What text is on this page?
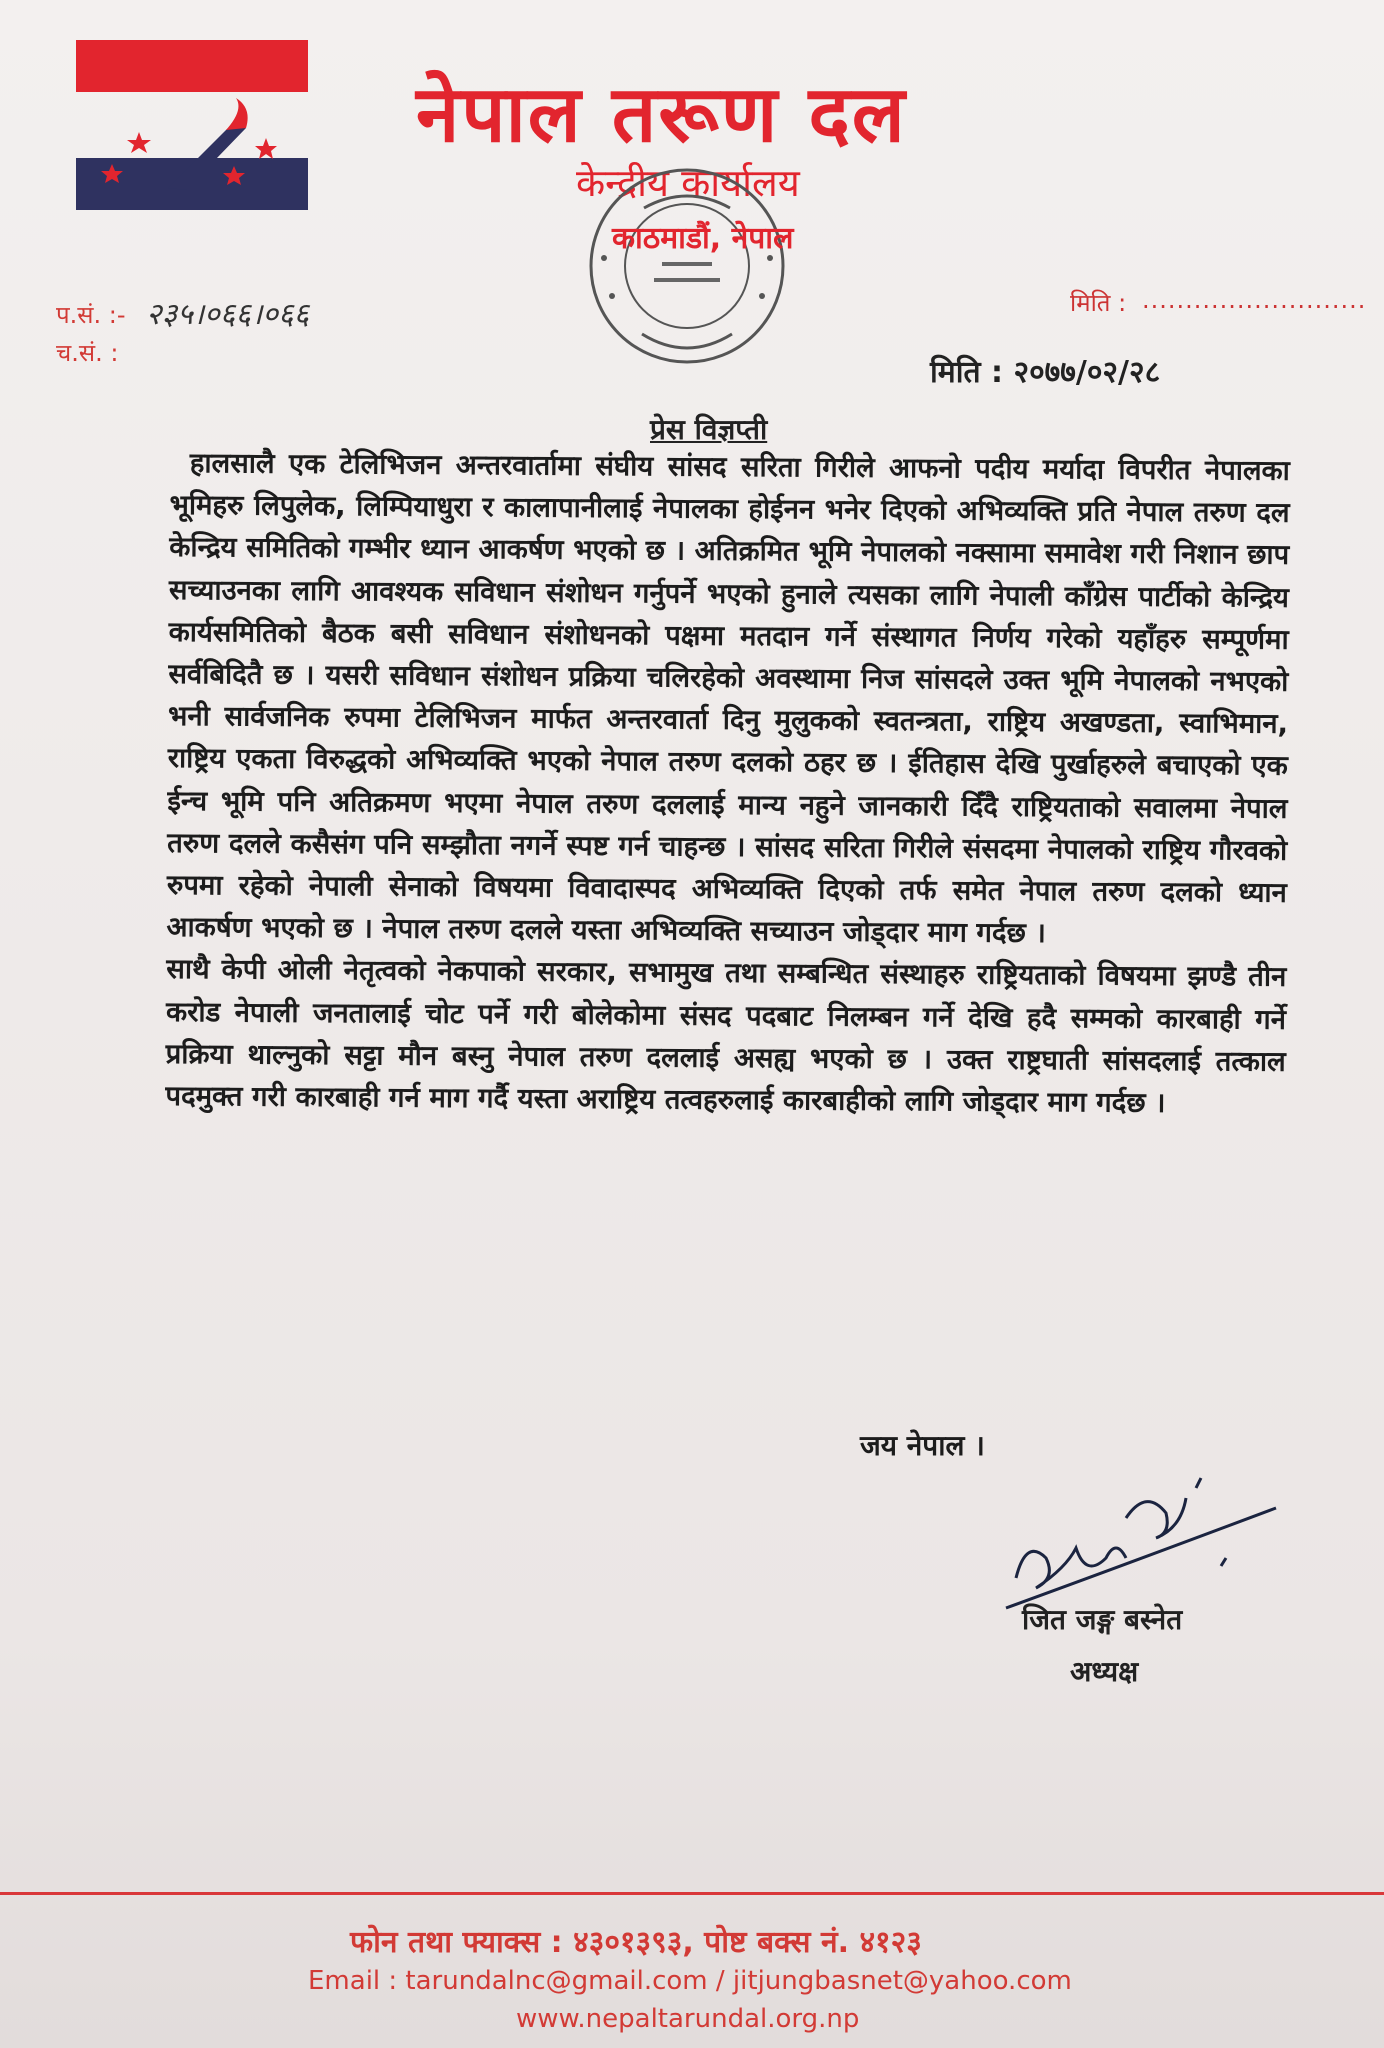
नेपाल तरूण दल
केन्द्रीय कार्यालय
काठमाडौं, नेपाल
प.सं. :- २३५।०६६।०६६
च.सं. :
मिति : ..........................
मिति : २०७७/०२/२८
प्रेस विज्ञप्ती

हालसालै एक टेलिभिजन अन्तरवार्तामा संघीय सांसद सरिता गिरीले आफनो पदीय मर्यादा विपरीत नेपालका भूमिहरु लिपुलेक, लिम्पियाधुरा र कालापानीलाई नेपालका होईनन भनेर दिएको अभिव्यक्ति प्रति नेपाल तरुण दल केन्द्रिय समितिको गम्भीर ध्यान आकर्षण भएको छ । अतिक्रमित भूमि नेपालको नक्सामा समावेश गरी निशान छाप सच्याउनका लागि आवश्यक सविधान संशोधन गर्नुपर्ने भएको हुनाले त्यसका लागि नेपाली काँग्रेस पार्टीको केन्द्रिय कार्यसमितिको बैठक बसी सविधान संशोधनको पक्षमा मतदान गर्ने संस्थागत निर्णय गरेको यहाँहरु सम्पूर्णमा सर्वबिदितै छ । यसरी सविधान संशोधन प्रक्रिया चलिरहेको अवस्थामा निज सांसदले उक्त भूमि नेपालको नभएको भनी सार्वजनिक रुपमा टेलिभिजन मार्फत अन्तरवार्ता दिनु मुलुकको स्वतन्त्रता, राष्ट्रिय अखण्डता, स्वाभिमान, राष्ट्रिय एकता विरुद्धको अभिव्यक्ति भएको नेपाल तरुण दलको ठहर छ । ईतिहास देखि पुर्खाहरुले बचाएको एक ईन्च भूमि पनि अतिक्रमण भएमा नेपाल तरुण दललाई मान्य नहुने जानकारी दिँदै राष्ट्रियताको सवालमा नेपाल तरुण दलले कसैसंग पनि सम्झौता नगर्ने स्पष्ट गर्न चाहन्छ । सांसद सरिता गिरीले संसदमा नेपालको राष्ट्रिय गौरवको रुपमा रहेको नेपाली सेनाको विषयमा विवादास्पद अभिव्यक्ति दिएको तर्फ समेत नेपाल तरुण दलको ध्यान आकर्षण भएको छ । नेपाल तरुण दलले यस्ता अभिव्यक्ति सच्याउन जोड्दार माग गर्दछ ।

साथै केपी ओली नेतृत्वको नेकपाको सरकार, सभामुख तथा सम्बन्धित संस्थाहरु राष्ट्रियताको विषयमा झण्डै तीन करोड नेपाली जनतालाई चोट पर्ने गरी बोलेकोमा संसद पदबाट निलम्बन गर्ने देखि हदै सम्मको कारबाही गर्ने प्रक्रिया थाल्नुको सट्टा मौन बस्नु नेपाल तरुण दललाई असह्य भएको छ । उक्त राष्ट्रघाती सांसदलाई तत्काल पदमुक्त गरी कारबाही गर्न माग गर्दै यस्ता अराष्ट्रिय तत्वहरुलाई कारबाहीको लागि जोड्दार माग गर्दछ ।

जय नेपाल ।
जित जङ्ग बस्नेत
अध्यक्ष
फोन तथा फ्याक्स : ४३०१३९३, पोष्ट बक्स नं. ४१२३
Email : tarundalnc@gmail.com / jitjungbasnet@yahoo.com
www.nepaltarundal.org.np
